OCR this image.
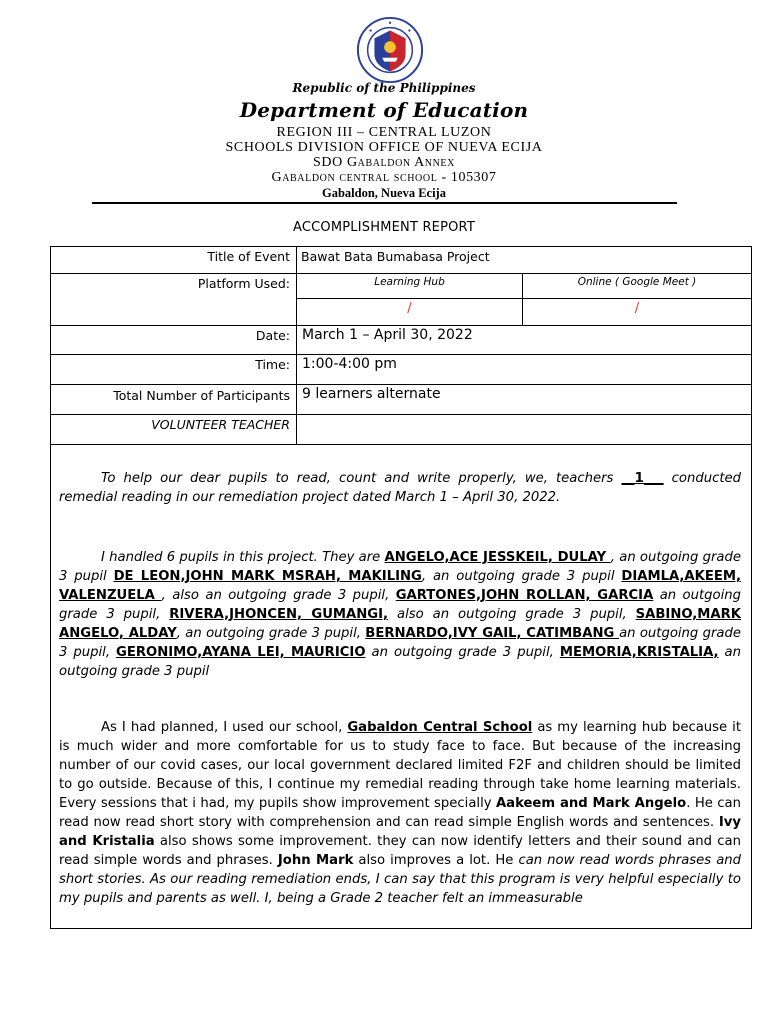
Republic of the Philippines
Department of Education
REGION III – CENTRAL LUZON
SCHOOLS DIVISION OFFICE OF NUEVA ECIJA
SDO Gabaldon Annex
Gabaldon central school - 105307
Gabaldon, Nueva Ecija
ACCOMPLISHMENT REPORT
Title of Event Bawat Bata Bumabasa Project
Platform Used:	Learning Hub	Online ( Google Meet )
/	/
Date: March 1 – April 30, 2022
Time: 1:00-4:00 pm
Total Number of Participants 9 learners alternate
VOLUNTEER TEACHER
To help our dear pupils to read, count and write properly, we, teachers __1___ conducted remedial reading in our remediation project dated March 1 – April 30, 2022.
I handled 6 pupils in this project. They are ANGELO,ACE JESSKEIL, DULAY , an outgoing grade 3 pupil DE LEON,JOHN MARK MSRAH, MAKILING, an outgoing grade 3 pupil DIAMLA,AKEEM, VALENZUELA , also an outgoing grade 3 pupil, GARTONES,JOHN ROLLAN, GARCIA an outgoing grade 3 pupil, RIVERA,JHONCEN, GUMANGI, also an outgoing grade 3 pupil, SABINO,MARK ANGELO, ALDAY, an outgoing grade 3 pupil, BERNARDO,IVY GAIL, CATIMBANG an outgoing grade 3 pupil, GERONIMO,AYANA LEI, MAURICIO an outgoing grade 3 pupil, MEMORIA,KRISTALIA, an outgoing grade 3 pupil
As I had planned, I used our school, Gabaldon Central School as my learning hub because it is much wider and more comfortable for us to study face to face. But because of the increasing number of our covid cases, our local government declared limited F2F and children should be limited to go outside. Because of this, I continue my remedial reading through take home learning materials. Every sessions that i had, my pupils show improvement specially Aakeem and Mark Angelo. He can read now read short story with comprehension and can read simple English words and sentences. Ivy and Kristalia also shows some improvement. they can now identify letters and their sound and can read simple words and phrases. John Mark also improves a lot. He can now read words phrases and short stories. As our reading remediation ends, I can say that this program is very helpful especially to my pupils and parents as well. I, being a Grade 2 teacher felt an immeasurable
